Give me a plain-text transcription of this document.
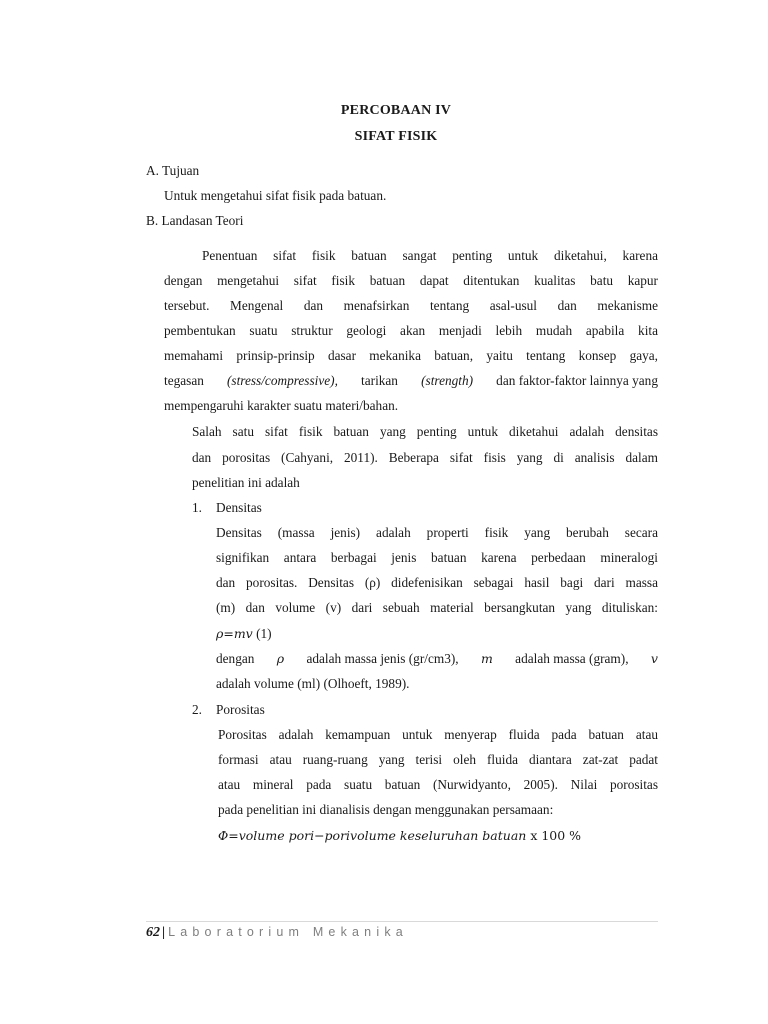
PERCOBAAN IV
SIFAT FISIK
A. Tujuan
Untuk mengetahui sifat fisik pada batuan.
B. Landasan Teori
Penentuan sifat fisik batuan sangat penting untuk diketahui, karena
dengan mengetahui sifat fisik batuan dapat ditentukan kualitas batu kapur
tersebut. Mengenal dan menafsirkan tentang asal-usul dan mekanisme
pembentukan suatu struktur geologi akan menjadi lebih mudah apabila kita
memahami prinsip-prinsip dasar mekanika batuan, yaitu tentang konsep gaya,
tegasan (stress/compressive), tarikan (strength) dan faktor-faktor lainnya yang
mempengaruhi karakter suatu materi/bahan.
Salah satu sifat fisik batuan yang penting untuk diketahui adalah densitas
dan porositas (Cahyani, 2011). Beberapa sifat fisis yang di analisis dalam
penelitian ini adalah
1. Densitas
Densitas (massa jenis) adalah properti fisik yang berubah secara
signifikan antara berbagai jenis batuan karena perbedaan mineralogi
dan porositas. Densitas (ρ) didefenisikan sebagai hasil bagi dari massa
(m) dan volume (v) dari sebuah material bersangkutan yang dituliskan:
ρ=mv (1)
dengan ρ adalah massa jenis (gr/cm3), m adalah massa (gram), v
adalah volume (ml) (Olhoeft, 1989).
2. Porositas
Porositas adalah kemampuan untuk menyerap fluida pada batuan atau
formasi atau ruang-ruang yang terisi oleh fluida diantara zat-zat padat
atau mineral pada suatu batuan (Nurwidyanto, 2005). Nilai porositas
pada penelitian ini dianalisis dengan menggunakan persamaan:
Φ=volume pori−porivolume keseluruhan batuan x 100 %
62 | Laboratorium Mekanika
